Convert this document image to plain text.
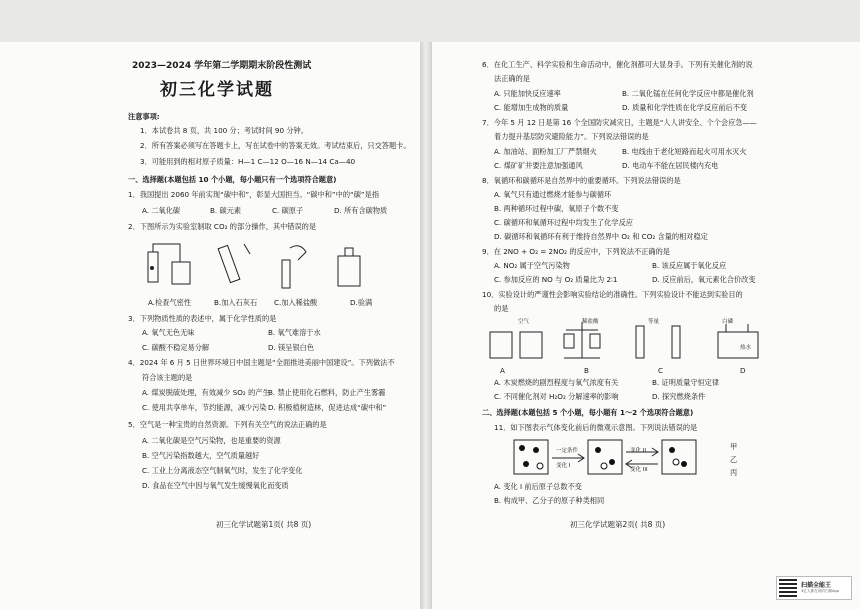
2023—2024 学年第二学期期末阶段性测试
初三化学试题
注意事项:
1．本试卷共 8 页，共 100 分；考试时间 90 分钟。
2．所有答案必须写在答题卡上，写在试卷中的答案无效。考试结束后，只交答题卡。
3．可能用到的相对原子质量：H—1 C—12 O—16 N—14 Ca—40
一、选择题(本题包括 10 个小题，每小题只有一个选项符合题意)
1．我国提出 2060 年前实现“碳中和”，彰显大国担当。“碳中和”中的“碳”是指
A. 二氧化碳	B. 碳元素	C. 碳原子	D. 所有含碳物质
2．下图所示为实验室制取 CO₂ 的部分操作，其中错误的是
A.检查气密性	B.加入石灰石 C.加入稀盐酸	D.验满
3．下列物质性质的表述中，属于化学性质的是
A. 氧气无色无味	B. 氧气难溶于水
C. 碳酸不稳定易分解	D. 镁呈银白色
4．2024 年 6 月 5 日世界环境日中国主题是“全面推进美丽中国建设”。下列做法不
符合该主题的是
A. 煤炭脱硫处理，有效减少 SO₂ 的产生
B. 禁止使用化石燃料，防止产生雾霾
C. 使用共享单车，节约能源，减少污染 D. 积极植树造林，促进达成“碳中和”
5．空气是一种宝贵的自然资源。下列有关空气的说法正确的是
A. 二氧化碳是空气污染物，也是重要的资源
B. 空气污染指数越大，空气质量越好
C. 工业上分离液态空气制氧气时，发生了化学变化
D. 食品在空气中因与氧气发生缓慢氧化而变质
初三化学试题第1页( 共8 页)
6．在化工生产、科学实验和生命活动中，催化剂都可大显身手。下列有关催化剂的说
法正确的是
A. 只能加快反应速率	B. 二氧化锰在任何化学反应中都是催化剂
C. 能增加生成物的质量	D. 质量和化学性质在化学反应前后不变
7．今年 5 月 12 日是第 16 个全国防灾减灾日，主题是“人人讲安全、个个会应急——
着力提升基层防灾避险能力”。下列说法错误的是
A. 加油站、面粉加工厂严禁烟火	B. 电线由于老化短路而起火可用水灭火
C. 煤矿矿井要注意加强通风	D. 电动车不能在居民楼内充电
8．氧循环和碳循环是自然界中的重要循环。下列说法错误的是
A. 氧气只有通过燃烧才能参与碳循环
B. 两种循环过程中碳、氧原子个数不变
C. 碳循环和氧循环过程中均发生了化学反应
D. 碳循环和氧循环有利于维持自然界中 O₂ 和 CO₂ 含量的相对稳定
9．在 2NO + O₂ = 2NO₂ 的反应中，下列说法不正确的是
A. NO₂ 属于空气污染物	B. 该反应属于氧化反应
C. 参加反应的 NO 与 O₂ 质量比为 2∶1	D. 反应前后，氧元素化合价改变
10．实验设计的严谨性会影响实验结论的准确性。下列实验设计不能达到实验目的
的是
空气	稀盐酸	等量
热水
白磷
A	B	C	D
A. 木炭燃烧的剧烈程度与氧气浓度有关	B. 证明质量守恒定律
C. 不同催化剂对 H₂O₂ 分解速率的影响	D. 探究燃烧条件
二、选择题(本题包括 5 个小题，每小题有 1～2 个选项符合题意)
11．如下图表示气体变化前后的微观示意图。下列说法错误的是
一定条件
变化 I
变化 II
变化 III
甲
乙
丙
A. 变化 I 前后原子总数不变
B. 构成甲、乙分子的原子种类相同
初三化学试题第2页( 共8 页)
扫描全能王
3亿人都在用的扫描App
